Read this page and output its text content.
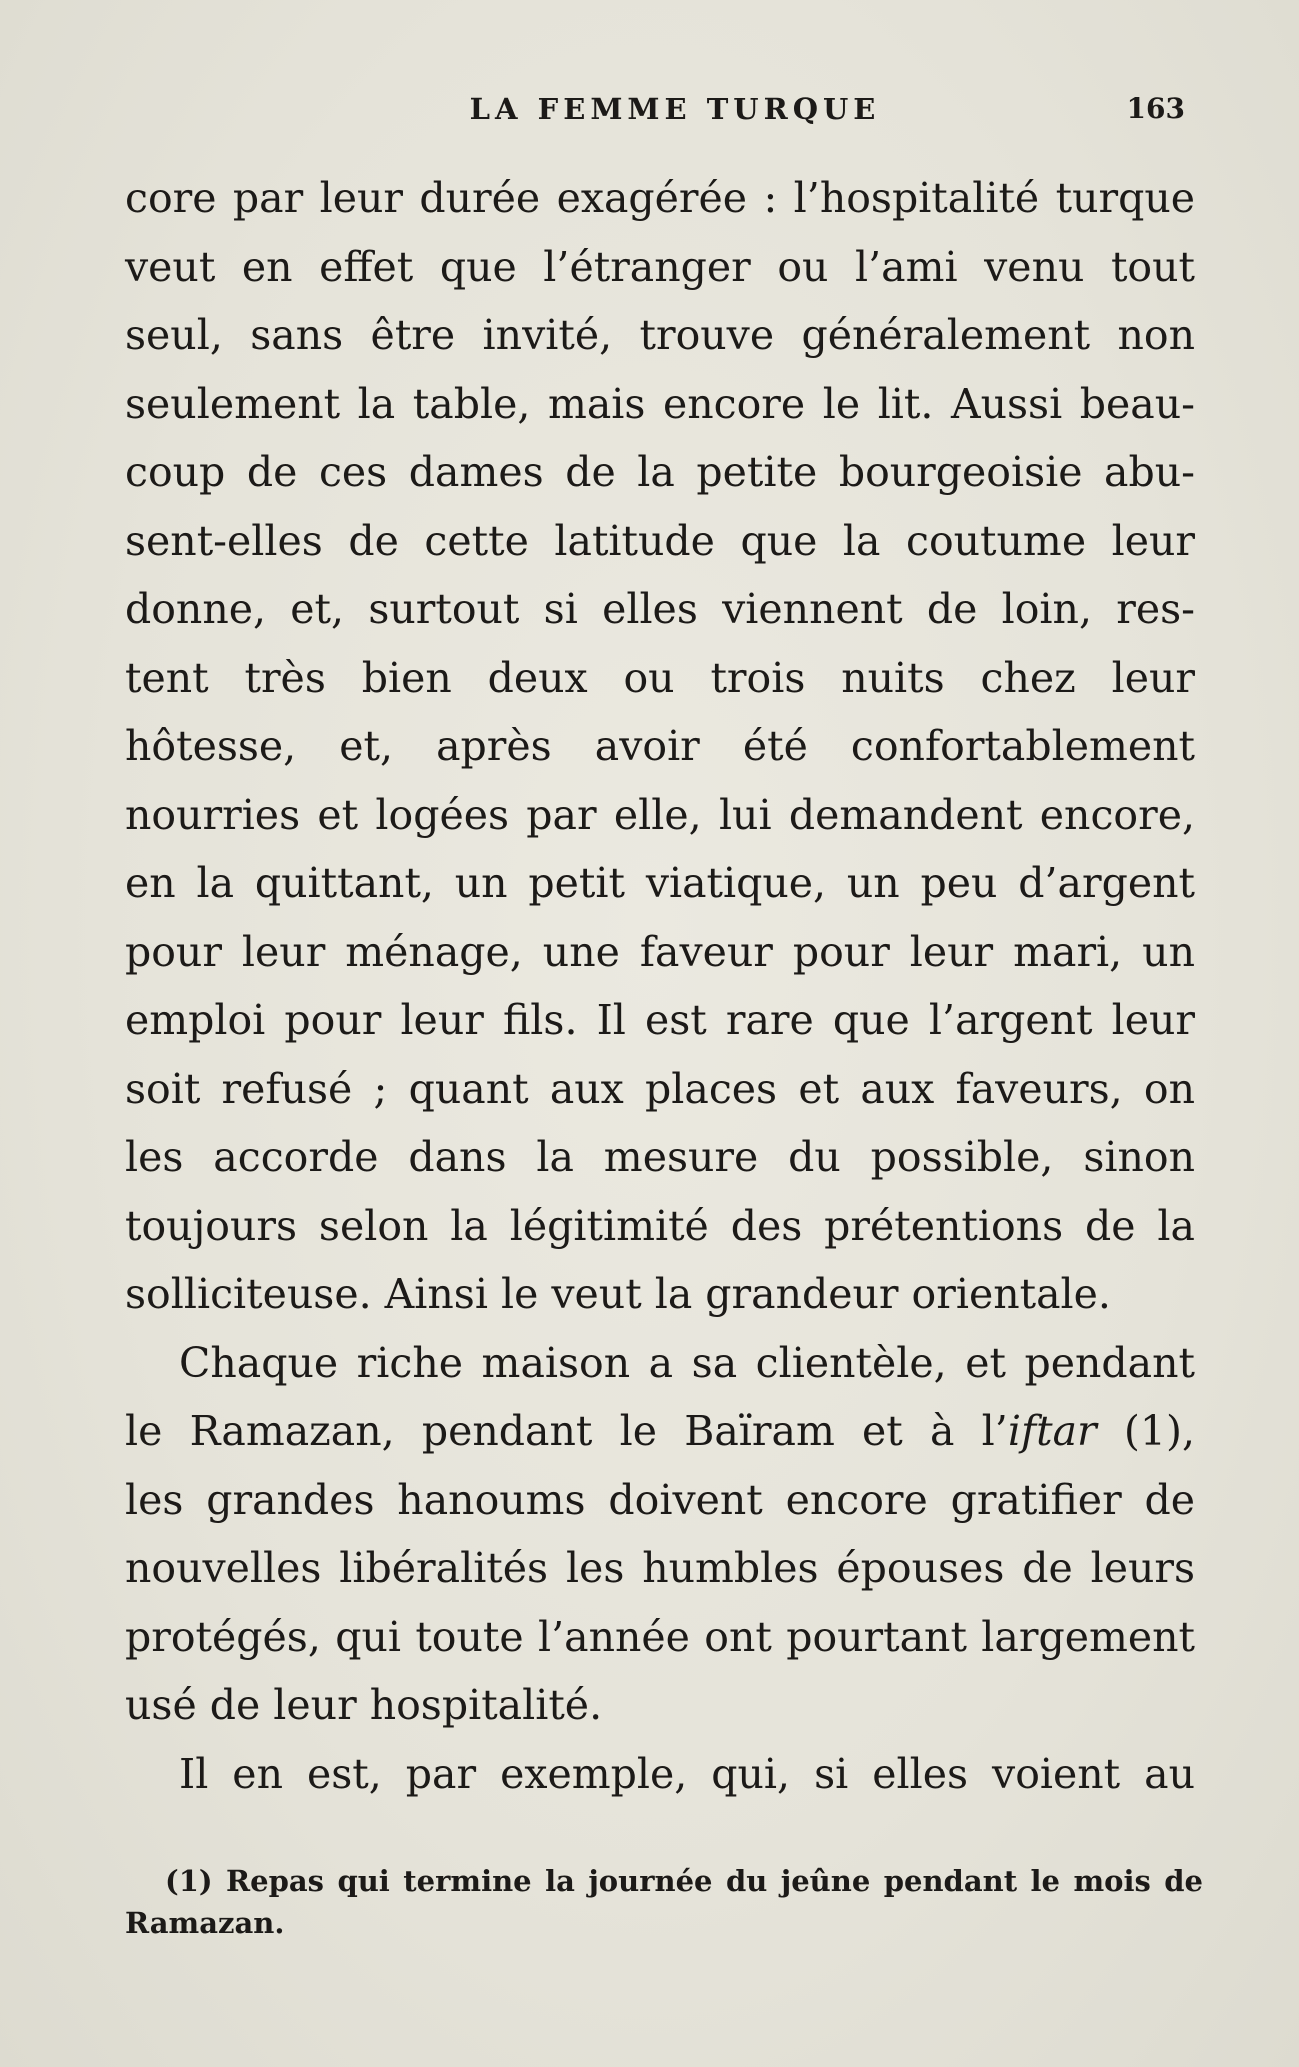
LA FEMME TURQUE	163
core par leur durée exagérée : l’hospitalité turque
veut en effet que l’étranger ou l’ami venu tout
seul, sans être invité, trouve généralement non
seulement la table, mais encore le lit. Aussi beau-
coup de ces dames de la petite bourgeoisie abu-
sent-elles de cette latitude que la coutume leur
donne, et, surtout si elles viennent de loin, res-
tent très bien deux ou trois nuits chez leur
hôtesse, et, après avoir été confortablement
nourries et logées par elle, lui demandent encore,
en la quittant, un petit viatique, un peu d’argent
pour leur ménage, une faveur pour leur mari, un
emploi pour leur fils. Il est rare que l’argent leur
soit refusé ; quant aux places et aux faveurs, on
les accorde dans la mesure du possible, sinon
toujours selon la légitimité des prétentions de la
solliciteuse. Ainsi le veut la grandeur orientale.
Chaque riche maison a sa clientèle, et pendant
le Ramazan, pendant le Baïram et à l’iftar (1),
les grandes hanoums doivent encore gratifier de
nouvelles libéralités les humbles épouses de leurs
protégés, qui toute l’année ont pourtant largement
usé de leur hospitalité.
Il en est, par exemple, qui, si elles voient au
(1) Repas qui termine la journée du jeûne pendant le mois de
Ramazan.
